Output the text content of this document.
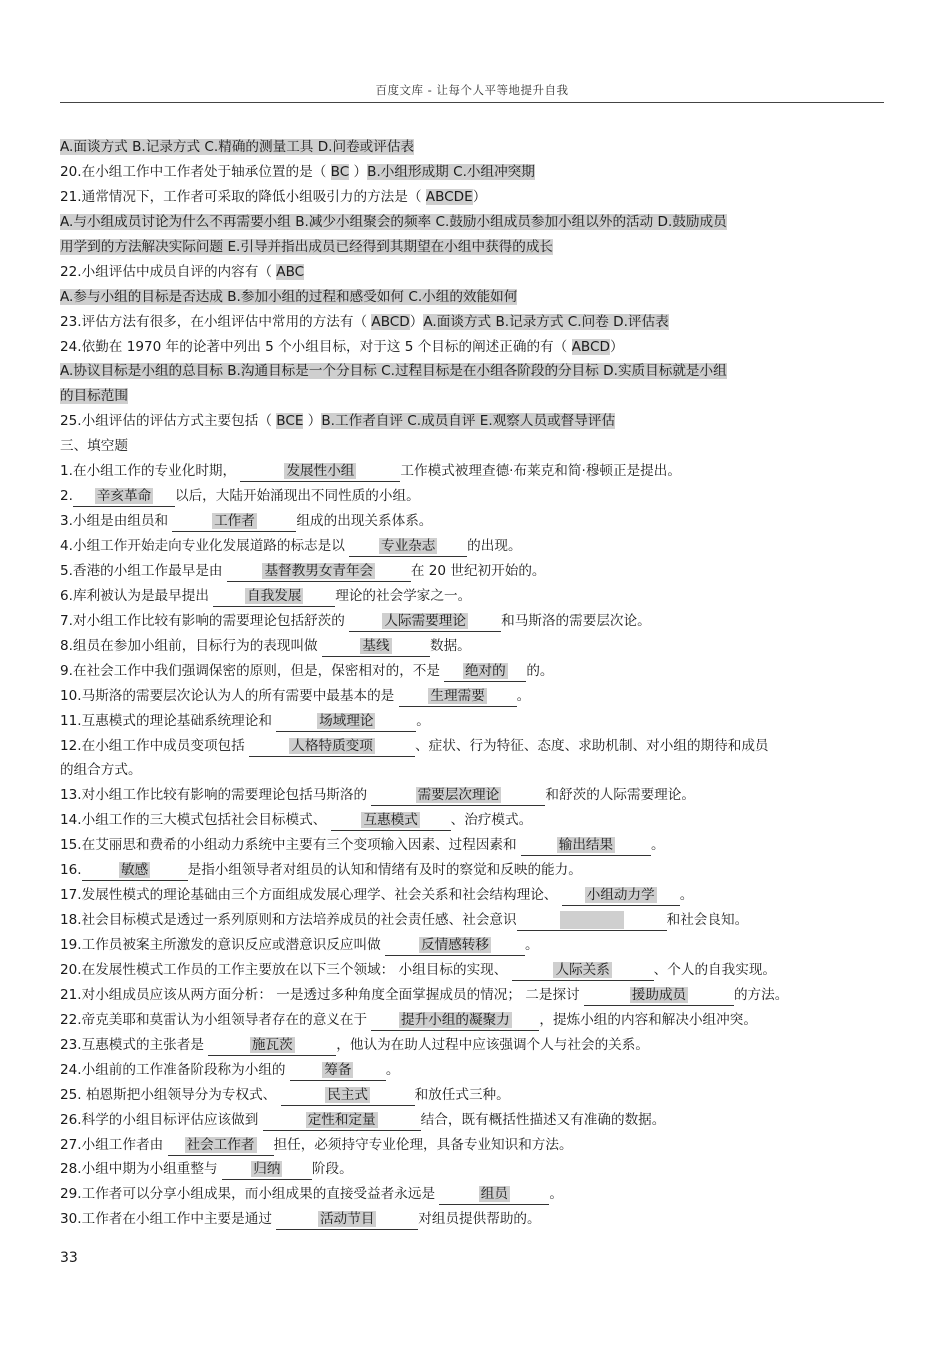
百度文库 - 让每个人平等地提升自我
A.面谈方式 B.记录方式 C.精确的测量工具 D.问卷或评估表
20.在小组工作中工作者处于轴承位置的是（ BC ）B.小组形成期 C.小组冲突期
21.通常情况下，工作者可采取的降低小组吸引力的方法是（ ABCDE）
A.与小组成员讨论为什么不再需要小组 B.减少小组聚会的频率 C.鼓励小组成员参加小组以外的活动 D.鼓励成员
用学到的方法解决实际问题 E.引导并指出成员已经得到其期望在小组中获得的成长
22.小组评估中成员自评的内容有（ ABC
A.参与小组的目标是否达成 B.参加小组的过程和感受如何 C.小组的效能如何
23.评估方法有很多，在小组评估中常用的方法有（ ABCD）A.面谈方式 B.记录方式 C.问卷 D.评估表
24.依勤在 1970 年的论著中列出 5 个小组目标，对于这 5 个目标的阐述正确的有（ ABCD）
A.协议目标是小组的总目标 B.沟通目标是一个分目标 C.过程目标是在小组各阶段的分目标 D.实质目标就是小组
的目标范围
25.小组评估的评估方式主要包括（ BCE ）B.工作者自评 C.成员自评 E.观察人员或督导评估
三、填空题
1.在小组工作的专业化时期，	发展性小组	工作模式被理查德·布莱克和简·穆顿正是提出。
2. 辛亥革命 以后，大陆开始涌现出不同性质的小组。
3.小组是由组员和	工作者	组成的出现关系体系。
4.小组工作开始走向专业化发展道路的标志是以 专业杂志 的出现。
5.香港的小组工作最早是由	基督教男女青年会	在 20 世纪初开始的。
6.库利被认为是最早提出 自我发展 理论的社会学家之一。
7.对小组工作比较有影响的需要理论包括舒茨的	人际需要理论	和马斯洛的需要层次论。
8.组员在参加小组前，目标行为的表现叫做	基线	数据。
9.在社会工作中我们强调保密的原则，但是，保密相对的，不是 绝对的 的。
10.马斯洛的需要层次论认为人的所有需要中最基本的是 生理需要 。
11.互惠模式的理论基础系统理论和	场域理论	。
12.在小组工作中成员变项包括	人格特质变项	、症状、行为特征、态度、求助机制、对小组的期待和成员
的组合方式。
13.对小组工作比较有影响的需要理论包括马斯洛的	需要层次理论	和舒茨的人际需要理论。
14.小组工作的三大模式包括社会目标模式、 互惠模式 、治疗模式。
15.在艾丽思和费希的小组动力系统中主要有三个变项输入因素、过程因素和	输出结果	。
16.	敏感	是指小组领导者对组员的认知和情绪有及时的察觉和反映的能力。
17.发展性模式的理论基础由三个方面组成发展心理学、社会关系和社会结构理论、 小组动力学 。
18.社会目标模式是透过一系列原则和方法培养成员的社会责任感、社会意识	和社会良知。
19.工作员被案主所激发的意识反应或潜意识反应叫做	反情感转移	。
20.在发展性模式工作员的工作主要放在以下三个领域： 小组目标的实现、	人际关系	、个人的自我实现。
21.对小组成员应该从两方面分析： 一是透过多种角度全面掌握成员的情况； 二是探讨	援助成员	的方法。
22.帝克美耶和莫雷认为小组领导者存在的意义在于 提升小组的凝聚力 ，提炼小组的内容和解决小组冲突。
23.互惠模式的主张者是	施瓦茨	，他认为在助人过程中应该强调个人与社会的关系。
24.小组前的工作准备阶段称为小组的	筹备	。
25. 柏恩斯把小组领导分为专权式、	民主式	和放任式三种。
26.科学的小组目标评估应该做到	定性和定量	结合，既有概括性描述又有准确的数据。
27.小组工作者由 社会工作者 担任，必须持守专业伦理，具备专业知识和方法。
28.小组中期为小组重整与 归纳 阶段。
29.工作者可以分享小组成果，而小组成果的直接受益者永远是	组员	。
30.工作者在小组工作中主要是通过	活动节目	对组员提供帮助的。
33
